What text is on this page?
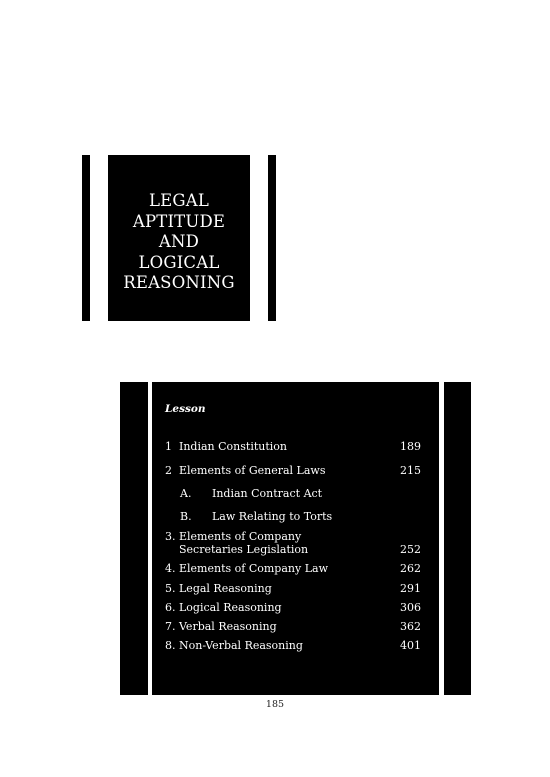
LEGAL
APTITUDE
AND
LOGICAL
REASONING
Lesson
1 Indian Constitution	189
2 Elements of General Laws	215
A. Indian Contract Act
B. Law Relating to Torts
3. Elements of Company
Secretaries Legislation	252
4. Elements of Company Law	262
5. Legal Reasoning	291
6. Logical Reasoning	306
7. Verbal Reasoning	362
8. Non-Verbal Reasoning	401
185
